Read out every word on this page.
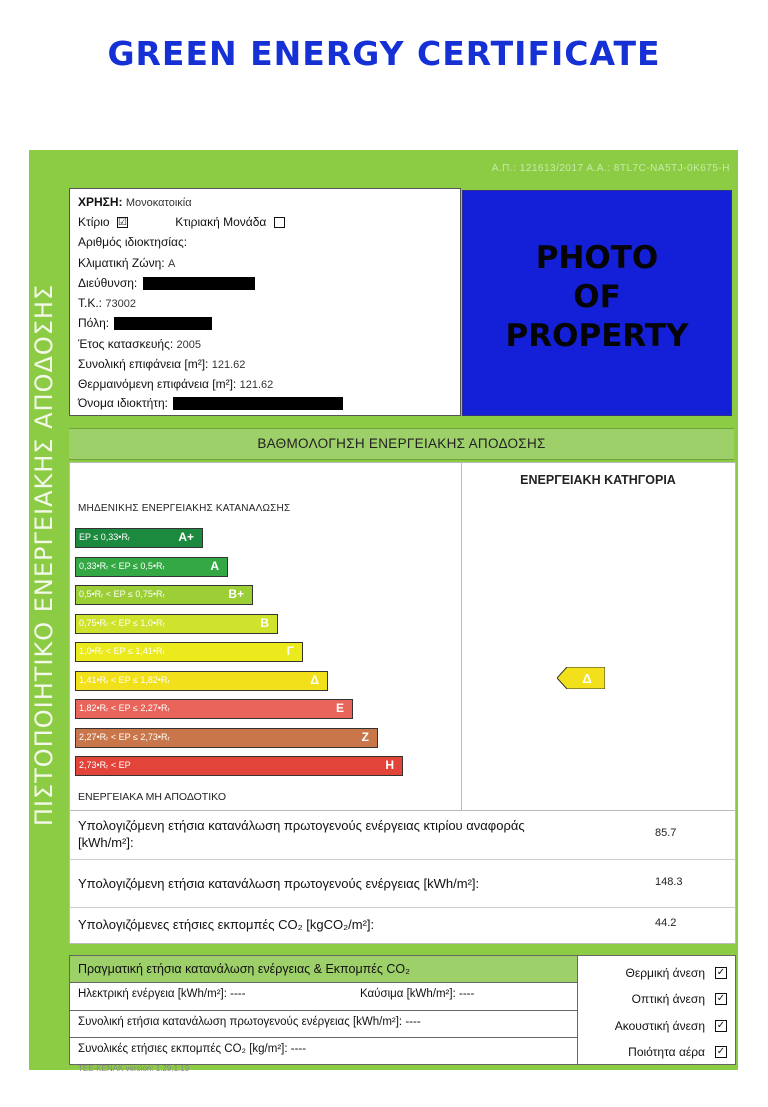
GREEN ENERGY CERTIFICATE
ΠΙΣΤΟΠΟΙΗΤΙΚΟ ΕΝΕΡΓΕΙΑΚΗΣ ΑΠΟΔΟΣΗΣ
Α.Π.: 121613/2017 Α.Α.: 8TL7C-NA5TJ-0K675-H
ΧΡΗΣΗ: Μονοκατοικία
Κτίριο ☑	Κτιριακή Μονάδα
Αριθμός ιδιοκτησίας:
Κλιματική Ζώνη: Α
Διεύθυνση:
Τ.Κ.: 73002
Πόλη:
Έτος κατασκευής: 2005
Συνολική επιφάνεια [m²]: 121.62
Θερμαινόμενη επιφάνεια [m²]: 121.62
Όνομα ιδιοκτήτη:
PHOTO
OF
PROPERTY
ΒΑΘΜΟΛΟΓΗΣΗ ΕΝΕΡΓΕΙΑΚΗΣ ΑΠΟΔΟΣΗΣ
ΕΝΕΡΓΕΙΑΚΗ ΚΑΤΗΓΟΡΙΑ
ΜΗΔΕΝΙΚΗΣ ΕΝΕΡΓΕΙΑΚΗΣ ΚΑΤΑΝΑΛΩΣΗΣ
EP ≤ 0,33•Rᵣ	A+
0,33•Rᵣ < EP ≤ 0,5•Rᵣ	A
0,5•Rᵣ < EP ≤ 0,75•Rᵣ	B+
0,75•Rᵣ < EP ≤ 1,0•Rᵣ	B
1,0•Rᵣ < EP ≤ 1,41•Rᵣ	Γ
1,41•Rᵣ < EP ≤ 1,82•Rᵣ	Δ
1,82•Rᵣ < EP ≤ 2,27•Rᵣ	Ε
2,27•Rᵣ < EP ≤ 2,73•Rᵣ	Ζ
2,73•Rᵣ < EP	Η
ΕΝΕΡΓΕΙΑΚΑ ΜΗ ΑΠΟΔΟΤΙΚΟ
Δ
Υπολογιζόμενη ετήσια κατανάλωση πρωτογενούς ενέργειας κτιρίου αναφοράς [kWh/m²]:
85.7
Υπολογιζόμενη ετήσια κατανάλωση πρωτογενούς ενέργειας [kWh/m²]:	148.3
Υπολογιζόμενες ετήσιες εκπομπές CO₂ [kgCO₂/m²]:	44.2
Πραγματική ετήσια κατανάλωση ενέργειας & Εκπομπές CO₂
Ηλεκτρική ενέργεια [kWh/m²]: ----	Καύσιμα [kWh/m²]: ----
Συνολική ετήσια κατανάλωση πρωτογενούς ενέργειας [kWh/m²]: ----
Συνολικές ετήσιες εκπομπές CO₂ [kg/m²]: ----
Θερμική άνεση ✓
Οπτική άνεση ✓
Ακουστική άνεση ✓
Ποιότητα αέρα ✓
ΤΕΕ-ΚΕΝΑΚ version: 1.29.1.19
